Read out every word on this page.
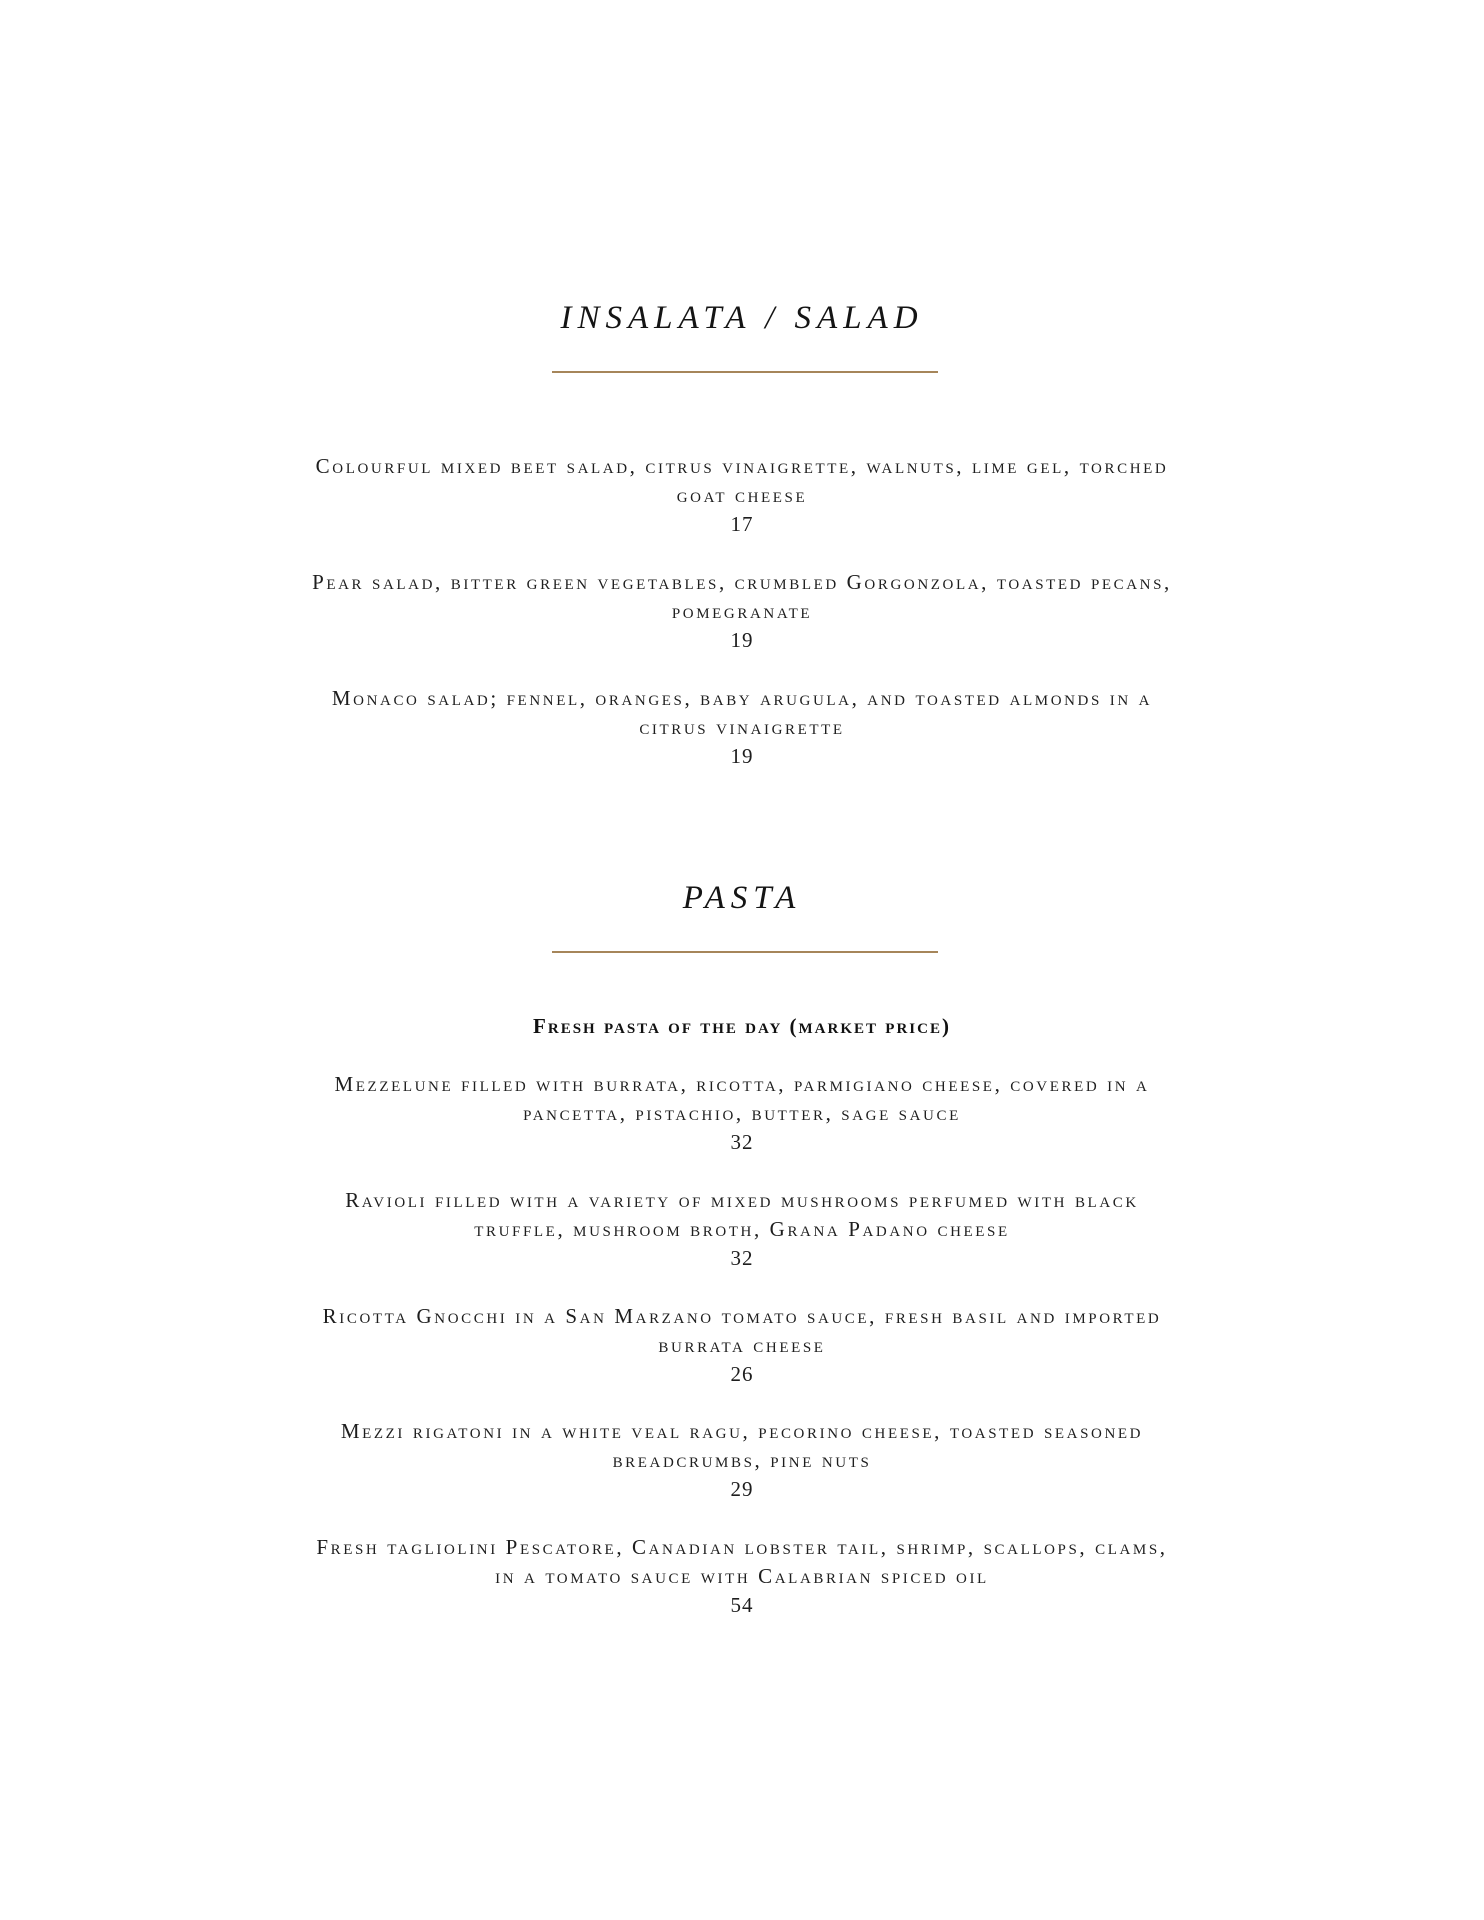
INSALATA / SALAD
Colourful mixed beet salad, citrus vinaigrette, walnuts, lime gel, torched goat cheese
17
Pear salad, bitter green vegetables, crumbled Gorgonzola, toasted pecans, pomegranate
19
Monaco salad; fennel, oranges, baby arugula, and toasted almonds in a citrus vinaigrette
19
PASTA
Fresh pasta of the day (market price)
Mezzelune filled with burrata, ricotta, parmigiano cheese, covered in a pancetta, pistachio, butter, sage sauce
32
Ravioli filled with a variety of mixed mushrooms perfumed with black truffle, mushroom broth, Grana Padano cheese
32
Ricotta Gnocchi in a San Marzano tomato sauce, fresh basil and imported burrata cheese
26
Mezzi rigatoni in a white veal ragu, pecorino cheese, toasted seasoned breadcrumbs, pine nuts
29
Fresh tagliolini Pescatore, Canadian lobster tail, shrimp, scallops, clams, in a tomato sauce with Calabrian spiced oil
54
